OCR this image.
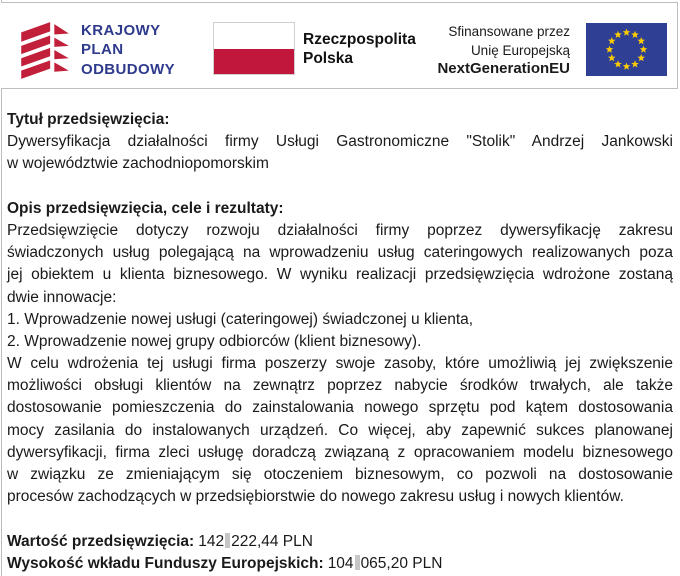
KRAJOWY
PLAN
ODBUDOWY
Rzeczpospolita
Polska
Sfinansowane przez
Unię Europejską
NextGenerationEU
Tytuł przedsięwzięcia:
Dywersyfikacja działalności firmy Usługi Gastronomiczne "Stolik" Andrzej Jankowski
w województwie zachodniopomorskim
Opis przedsięwzięcia, cele i rezultaty:
Przedsięwzięcie dotyczy rozwoju działalności firmy poprzez dywersyfikację zakresu
świadczonych usług polegającą na wprowadzeniu usług cateringowych realizowanych poza
jej obiektem u klienta biznesowego. W wyniku realizacji przedsięwzięcia wdrożone zostaną
dwie innowacje:
1. Wprowadzenie nowej usługi (cateringowej) świadczonej u klienta,
2. Wprowadzenie nowej grupy odbiorców (klient biznesowy).
W celu wdrożenia tej usługi firma poszerzy swoje zasoby, które umożliwią jej zwiększenie
możliwości obsługi klientów na zewnątrz poprzez nabycie środków trwałych, ale także
dostosowanie pomieszczenia do zainstalowania nowego sprzętu pod kątem dostosowania
mocy zasilania do instalowanych urządzeń. Co więcej, aby zapewnić sukces planowanej
dywersyfikacji, firma zleci usługę doradczą związaną z opracowaniem modelu biznesowego
w związku ze zmieniającym się otoczeniem biznesowym, co pozwoli na dostosowanie
procesów zachodzących w przedsiębiorstwie do nowego zakresu usług i nowych klientów.
Wartość przedsięwzięcia: 142 222,44 PLN
Wysokość wkładu Funduszy Europejskich: 104 065,20 PLN
